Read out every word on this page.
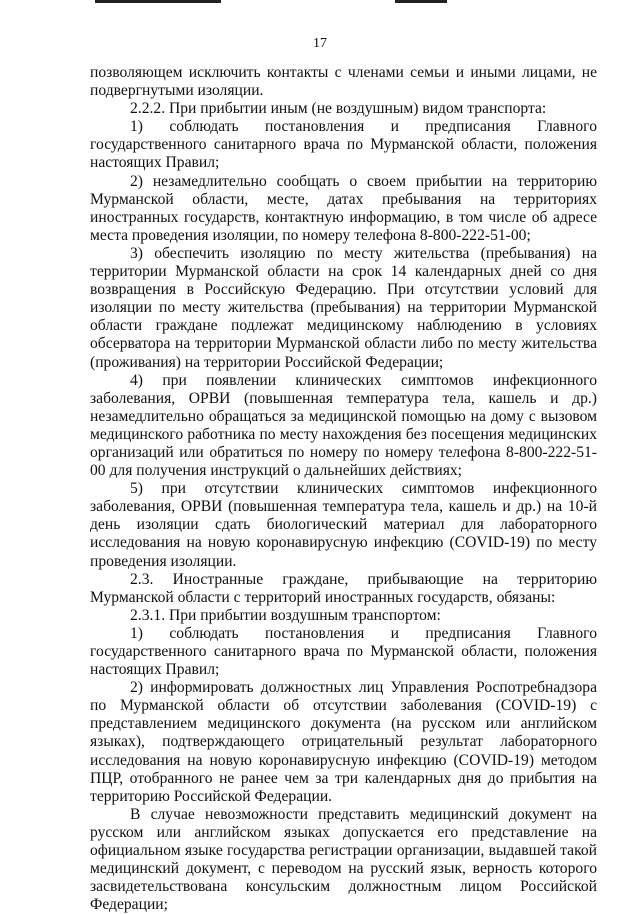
17

позволяющем исключить контакты с членами семьи и иными лицами, не подвергнутыми изоляции.

2.2.2. При прибытии иным (не воздушным) видом транспорта:

1) соблюдать постановления и предписания Главного государственного санитарного врача по Мурманской области, положения настоящих Правил;

2) незамедлительно сообщать о своем прибытии на территорию Мурманской области, месте, датах пребывания на территориях иностранных государств, контактную информацию, в том числе об адресе места проведения изоляции, по номеру телефона 8-800-222-51-00;

3) обеспечить изоляцию по месту жительства (пребывания) на территории Мурманской области на срок 14 календарных дней со дня возвращения в Российскую Федерацию. При отсутствии условий для изоляции по месту жительства (пребывания) на территории Мурманской области граждане подлежат медицинскому наблюдению в условиях обсерватора на территории Мурманской области либо по месту жительства (проживания) на территории Российской Федерации;

4) при появлении клинических симптомов инфекционного заболевания, ОРВИ (повышенная температура тела, кашель и др.) незамедлительно обращаться за медицинской помощью на дому с вызовом медицинского работника по месту нахождения без посещения медицинских организаций или обратиться по номеру по номеру телефона 8-800-222-51-00 для получения инструкций о дальнейших действиях;

5) при отсутствии клинических симптомов инфекционного заболевания, ОРВИ (повышенная температура тела, кашель и др.) на 10-й день изоляции сдать биологический материал для лабораторного исследования на новую коронавирусную инфекцию (COVID-19) по месту проведения изоляции.

2.3. Иностранные граждане, прибывающие на территорию Мурманской области с территорий иностранных государств, обязаны:

2.3.1. При прибытии воздушным транспортом:

1) соблюдать постановления и предписания Главного государственного санитарного врача по Мурманской области, положения настоящих Правил;

2) информировать должностных лиц Управления Роспотребнадзора по Мурманской области об отсутствии заболевания (COVID-19) с представлением медицинского документа (на русском или английском языках), подтверждающего отрицательный результат лабораторного исследования на новую коронавирусную инфекцию (COVID-19) методом ПЦР, отобранного не ранее чем за три календарных дня до прибытия на территорию Российской Федерации.

В случае невозможности представить медицинский документ на русском или английском языках допускается его представление на официальном языке государства регистрации организации, выдавшей такой медицинский документ, с переводом на русский язык, верность которого засвидетельствована консульским должностным лицом Российской Федерации;
